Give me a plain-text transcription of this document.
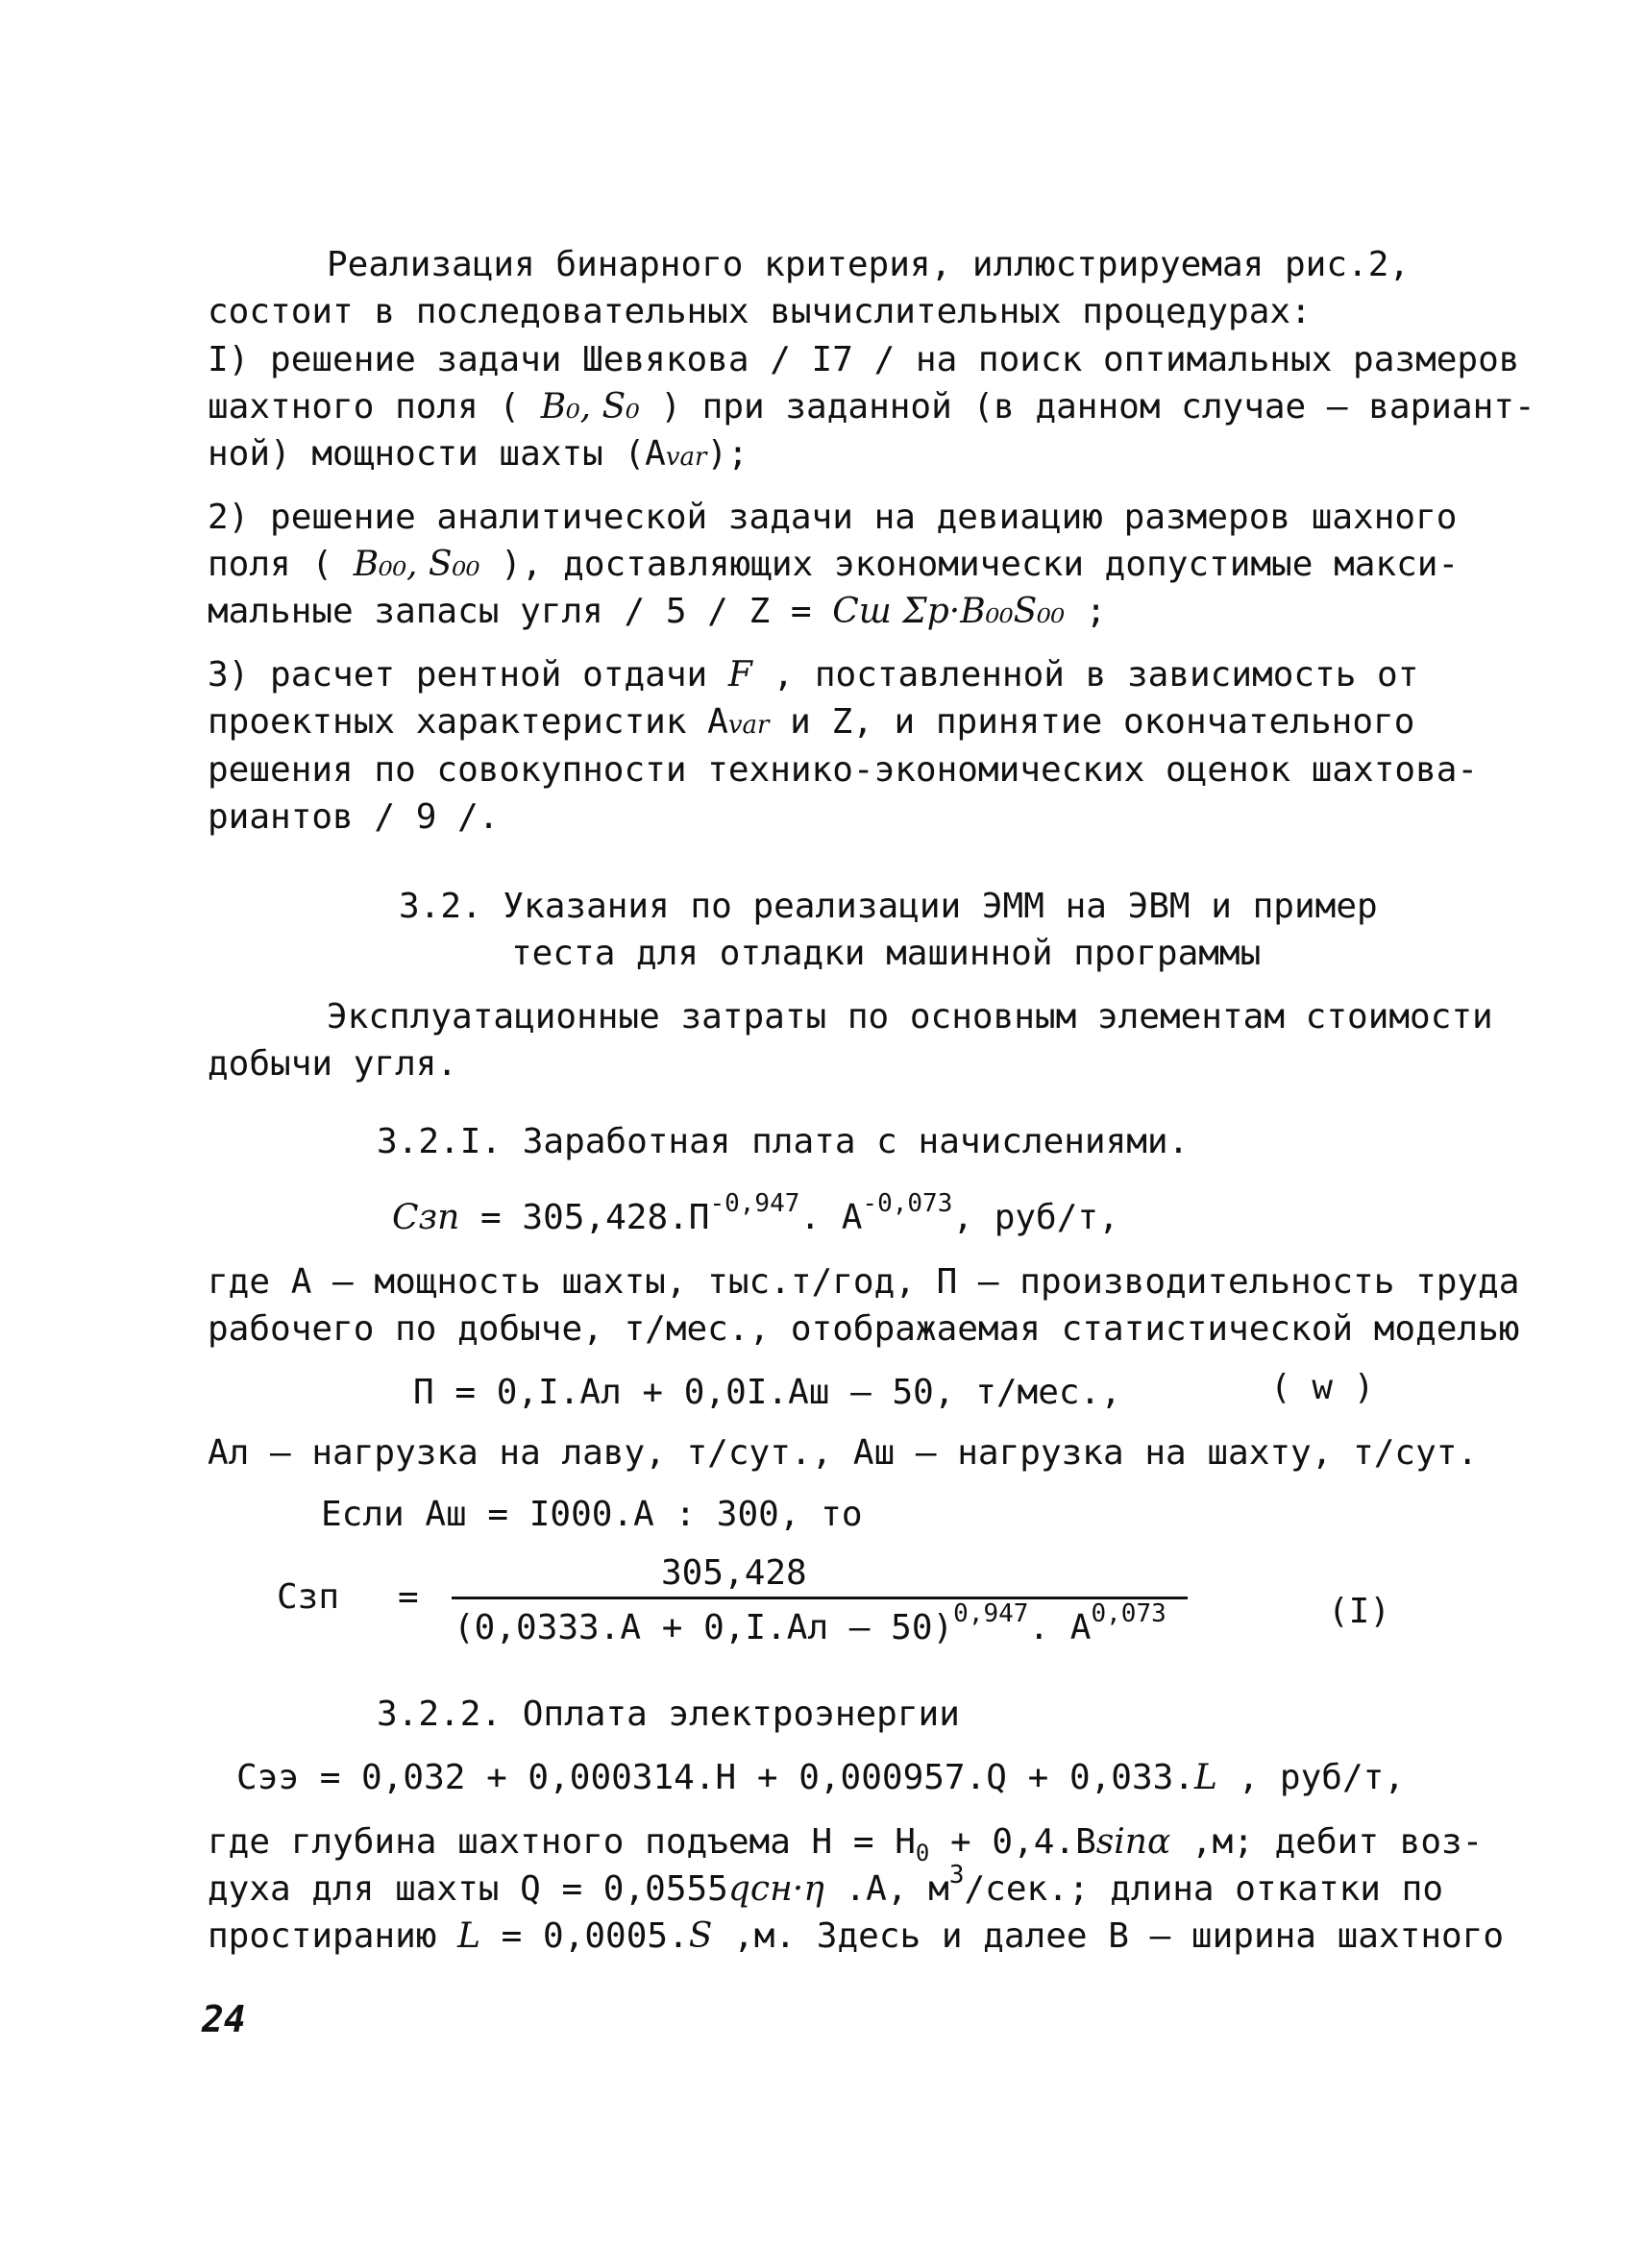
Реализация бинарного критерия, иллюстрируемая рис.2,
состоит в последовательных вычислительных процедурах:
I) решение задачи Шевякова / I7 / на поиск оптимальных размеров
шахтного поля ( B₀, S₀ ) при заданной (в данном случае – вариант-
ной) мощности шахты (Avar);
2) решение аналитической задачи на девиацию размеров шахного
поля ( B₀₀, S₀₀ ), доставляющих экономически допустимые макси-
мальные запасы угля / 5 / Z = Cш Σp·B₀₀S₀₀ ;
3) расчет рентной отдачи F , поставленной в зависимость от
проектных характеристик Avar и Z, и принятие окончательного
решения по совокупности технико-экономических оценок шахтова-
риантов / 9 /.
3.2. Указания по реализации ЭММ на ЭВМ и пример
теста для отладки машинной программы
Эксплуатационные затраты по основным элементам стоимости
добычи угля.
3.2.I. Заработная плата с начислениями.
Сзп = $305,428.П^{-0,947}$. $А^{-0,073}$, руб/т,
где А – мощность шахты, тыс.т/год, П – производительность труда
рабочего по добыче, т/мес., отображаемая статистической моделью
П = 0,I.Ал + 0,0I.Аш – 50, т/мес.,	( w )
Ал – нагрузка на лаву, т/сут., Аш – нагрузка на шахту, т/сут.
Если Аш = I000.А : 300, то
Сзп =
305,428
$(0,0333.А + 0,I.Ал - 50)^{0,947}$. А$^{0,073}$	(I)
3.2.2. Оплата электроэнергии
Сээ = 0,032 + 0,000314.Н + 0,000957.Q + 0,033.L , руб/т,
где глубина шахтного подъема $Н = Н_0 + 0,4.В\sin\alpha$ ,м; дебит воз-
духа для шахты Q = 0,0555qсн·η .А, $м^3$/сек.; длина откатки по
простиранию L = 0,0005.S ,м. Здесь и далее В – ширина шахтного
24
